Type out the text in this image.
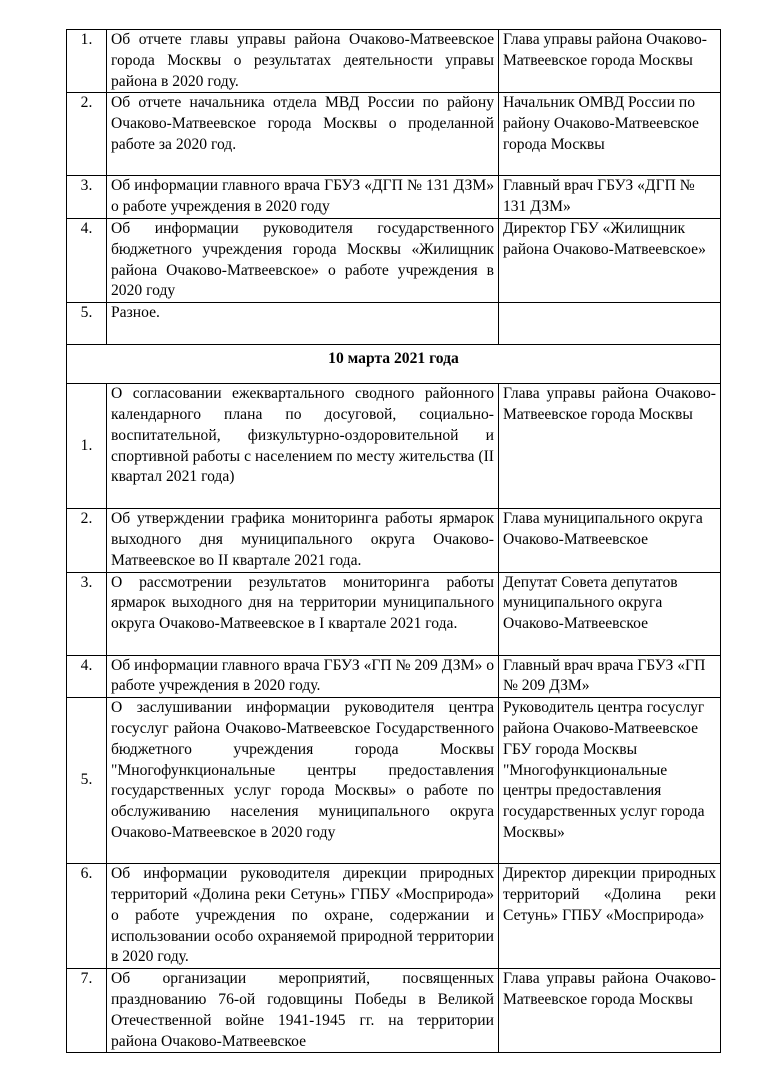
1.	Об отчете главы управы района Очаково-Матвеевское города Москвы о результатах деятельности управы района в 2020 году.	Глава управы района Очаково-Матвеевское города Москвы
2.	Об отчете начальника отдела МВД России по району Очаково-Матвеевское города Москвы о проделанной работе за 2020 год.	Начальник ОМВД России по району Очаково-Матвеевское города Москвы
3.	Об информации главного врача ГБУЗ «ДГП № 131 ДЗМ» о работе учреждения в 2020 году	Главный врач ГБУЗ «ДГП № 131 ДЗМ»
4.	Об информации руководителя государственного бюджетного учреждения города Москвы «Жилищник района Очаково-Матвеевское» о работе учреждения в 2020 году	Директор ГБУ «Жилищник района Очаково-Матвеевское»
5.	Разное.	
10 марта 2021 года		
1.	О согласовании ежеквартального сводного районного календарного плана по досуговой, социально-воспитательной, физкультурно-оздоровительной и спортивной работы с населением по месту жительства (II квартал 2021 года)	Глава управы района Очаково-Матвеевское города Москвы
2.	Об утверждении графика мониторинга работы ярмарок выходного дня муниципального округа Очаково-Матвеевское во II квартале 2021 года.	Глава муниципального округа Очаково-Матвеевское
3.	О рассмотрении результатов мониторинга работы ярмарок выходного дня на территории муниципального округа Очаково-Матвеевское в I квартале 2021 года.	Депутат Совета депутатов муниципального округа Очаково-Матвеевское
4.	Об информации главного врача ГБУЗ «ГП № 209 ДЗМ» о работе учреждения в 2020 году.	Главный врач врача ГБУЗ «ГП № 209 ДЗМ»
5.	О заслушивании информации руководителя центра госуслуг района Очаково-Матвеевское Государственного бюджетного учреждения города Москвы "Многофункциональные центры предоставления государственных услуг города Москвы» о работе по обслуживанию населения муниципального округа Очаково-Матвеевское в 2020 году	Руководитель центра госуслуг района Очаково-Матвеевское ГБУ города Москвы "Многофункциональные центры предоставления государственных услуг города Москвы»
6.	Об информации руководителя дирекции природных территорий «Долина реки Сетунь» ГПБУ «Мосприрода» о работе учреждения по охране, содержании и использовании особо охраняемой природной территории в 2020 году.	Директор дирекции природных территорий «Долина реки Сетунь» ГПБУ «Мосприрода»
7.	Об организации мероприятий, посвященных празднованию 76-ой годовщины Победы в Великой Отечественной войне 1941-1945 гг. на территории района Очаково-Матвеевское	Глава управы района Очаково-Матвеевское города Москвы
